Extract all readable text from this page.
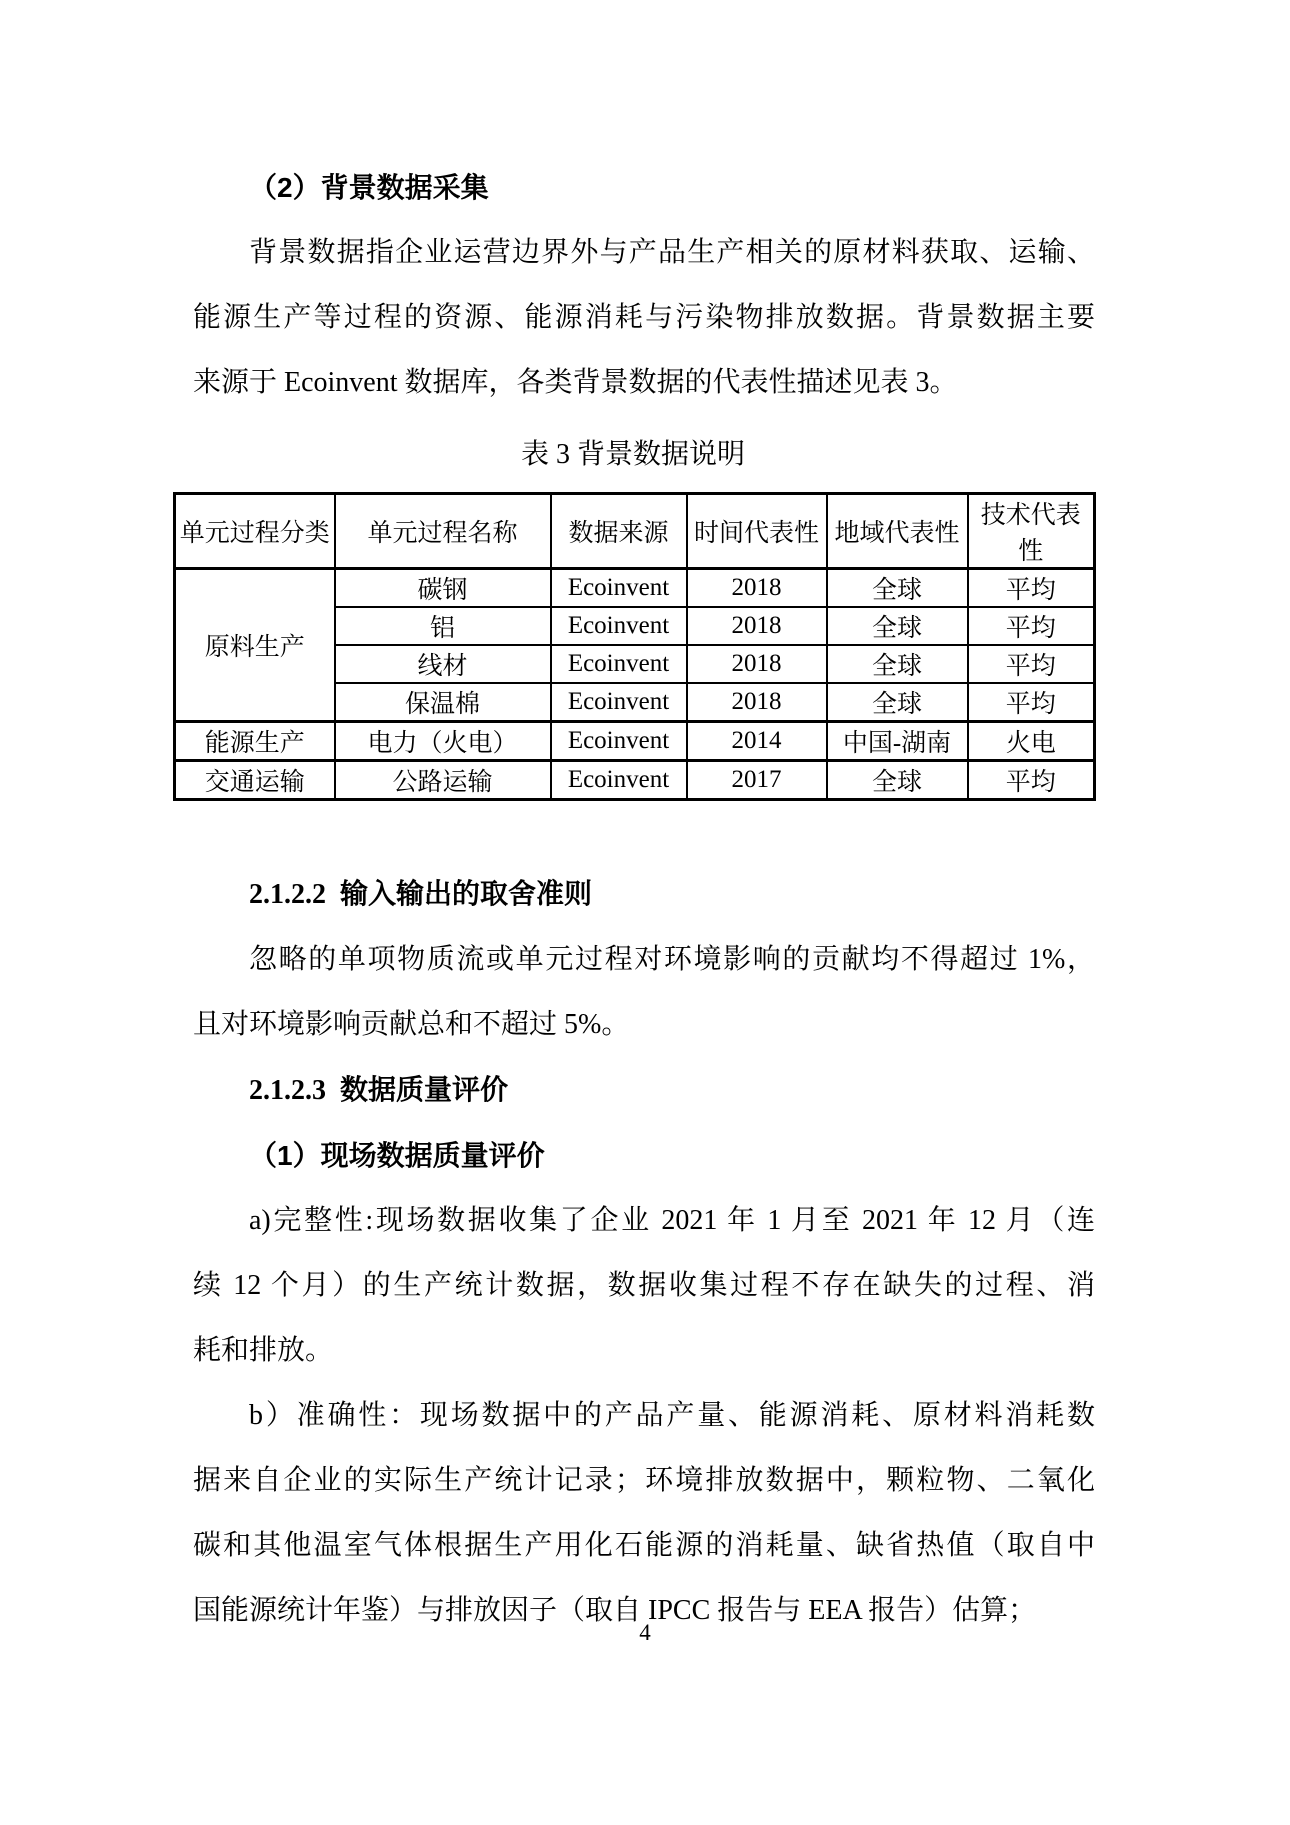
（2）背景数据采集
背景数据指企业运营边界外与产品生产相关的原材料获取、运输、
能源生产等过程的资源、能源消耗与污染物排放数据。背景数据主要
来源于 Ecoinvent 数据库，各类背景数据的代表性描述见表 3。
表 3 背景数据说明
单元过程分类	单元过程名称	数据来源	时间代表性	地域代表性	技术代表性
原料生产	碳钢	Ecoinvent	2018	全球	平均
	铝	Ecoinvent	2018	全球	平均
	线材	Ecoinvent	2018	全球	平均
	保温棉	Ecoinvent	2018	全球	平均
能源生产	电力（火电）	Ecoinvent	2014	中国-湖南	火电
交通运输	公路运输	Ecoinvent	2017	全球	平均
2.1.2.2 输入输出的取舍准则
忽略的单项物质流或单元过程对环境影响的贡献均不得超过 1%，
且对环境影响贡献总和不超过 5%。
2.1.2.3 数据质量评价
（1）现场数据质量评价
a)完整性:现场数据收集了企业 2021 年 1 月至 2021 年 12 月（连
续 12 个月）的生产统计数据，数据收集过程不存在缺失的过程、消
耗和排放。
b）准确性：现场数据中的产品产量、能源消耗、原材料消耗数
据来自企业的实际生产统计记录；环境排放数据中，颗粒物、二氧化
碳和其他温室气体根据生产用化石能源的消耗量、缺省热值（取自中
国能源统计年鉴）与排放因子（取自 IPCC 报告与 EEA 报告）估算；
4
